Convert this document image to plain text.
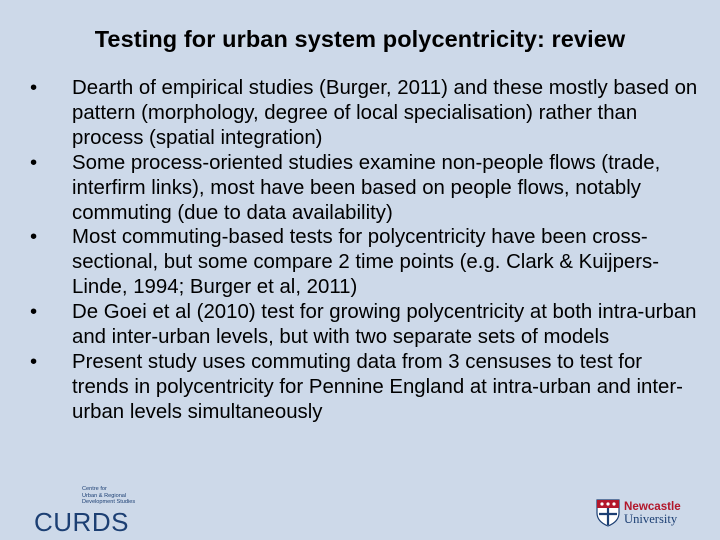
Testing for urban system polycentricity: review
• Dearth of empirical studies (Burger, 2011) and these mostly based on pattern (morphology, degree of local specialisation) rather than process (spatial integration)
• Some process-oriented studies examine non-people flows (trade, interfirm links), most have been based on people flows, notably commuting (due to data availability)
• Most commuting-based tests for polycentricity have been cross-sectional, but some compare 2 time points (e.g. Clark & Kuijpers-Linde, 1994; Burger et al, 2011)
• De Goei et al (2010) test for growing polycentricity at both intra-urban and inter-urban levels, but with two separate sets of models
• Present study uses commuting data from 3 censuses to test for trends in polycentricity for Pennine England at intra-urban and inter-urban levels simultaneously
Centre for
Urban & Regional
Development Studies
CURDS
Newcastle
University
